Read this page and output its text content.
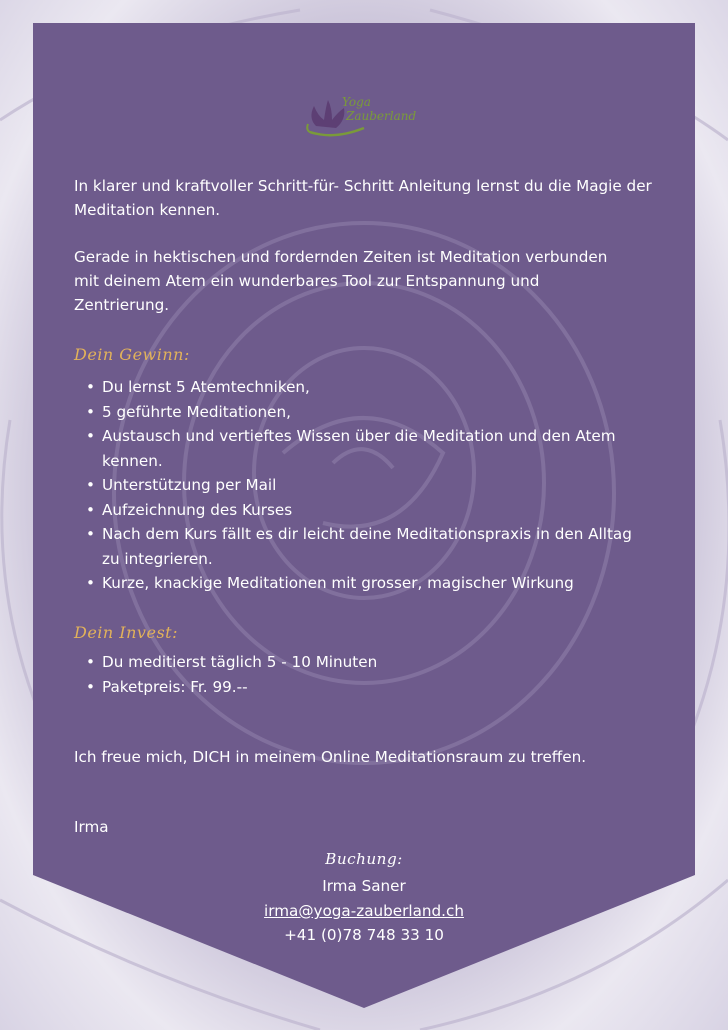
Yoga
Zauberland

In klarer und kraftvoller Schritt-für- Schritt Anleitung lernst du die Magie der Meditation kennen.

Gerade in hektischen und fordernden Zeiten ist Meditation verbunden mit deinem Atem ein wunderbares Tool zur Entspannung und Zentrierung.

Dein Gewinn:
• Du lernst 5 Atemtechniken,
• 5 geführte Meditationen,
• Austausch und vertieftes Wissen über die Meditation und den Atem kennen.
• Unterstützung per Mail
• Aufzeichnung des Kurses
• Nach dem Kurs fällt es dir leicht deine Meditationspraxis in den Alltag zu integrieren.
• Kurze, knackige Meditationen mit grosser, magischer Wirkung
Dein Invest:
• Du meditierst täglich 5 - 10 Minuten
• Paketpreis: Fr. 99.--

Ich freue mich, DICH in meinem Online Meditationsraum zu treffen.

Irma
Buchung:
Irma Saner
irma@yoga-zauberland.ch
+41 (0)78 748 33 10
